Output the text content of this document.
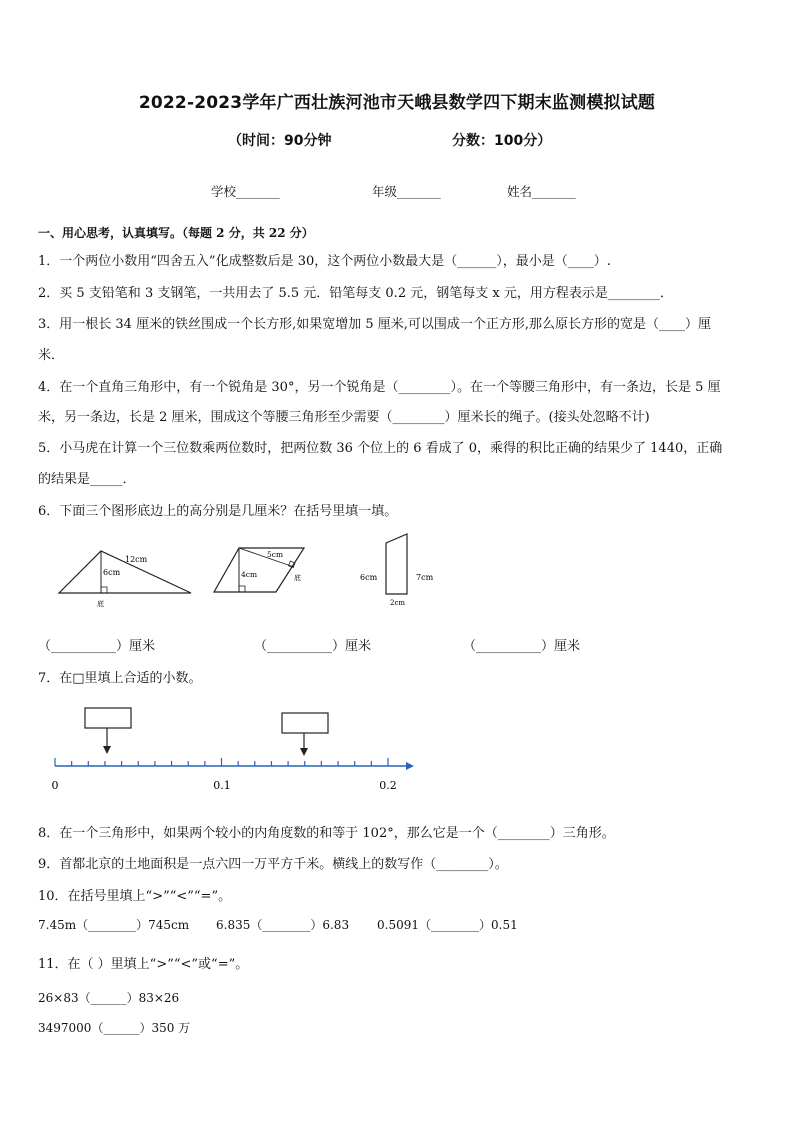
2022-2023学年广西壮族河池市天峨县数学四下期末监测模拟试题
（时间：90分钟	分数：100分）
学校_______	年级_______	姓名_______
一、用心思考，认真填写。（每题 2 分，共 22 分）
1．一个两位小数用“四舍五入”化成整数后是 30，这个两位小数最大是（______），最小是（____）.
2．买 5 支铅笔和 3 支钢笔，一共用去了 5.5 元．铅笔每支 0.2 元，钢笔每支 x 元，用方程表示是________．
3．用一根长 34 厘米的铁丝围成一个长方形,如果宽增加 5 厘米,可以围成一个正方形,那么原长方形的宽是（____）厘
米．
4．在一个直角三角形中，有一个锐角是 30°，另一个锐角是（________）。在一个等腰三角形中，有一条边，长是 5 厘
米，另一条边，长是 2 厘米，围成这个等腰三角形至少需要（________）厘米长的绳子。(接头处忽略不计)
5．小马虎在计算一个三位数乘两位数时，把两位数 36 个位上的 6 看成了 0，乘得的积比正确的结果少了 1440，正确
的结果是_____．
6．下面三个图形底边上的高分别是几厘米？在括号里填一填。
12cm
6cm
底
5cm
4cm	底	6cm	7cm
2cm
（__________）厘米	（__________）厘米	（__________）厘米
7．在□里填上合适的小数。
0	0.1	0.2
8．在一个三角形中，如果两个较小的内角度数的和等于 102°，那么它是一个（________）三角形。
9．首都北京的土地面积是一点六四一万平方千米。横线上的数写作（________）。
10．在括号里填上“>”“<”“=”。
7.45m（________）745cm 6.835（________）6.83 0.5091（________）0.51
11．在（ ）里填上“>”“<”或“=”。
26×83（______）83×26
3497000（______）350 万
